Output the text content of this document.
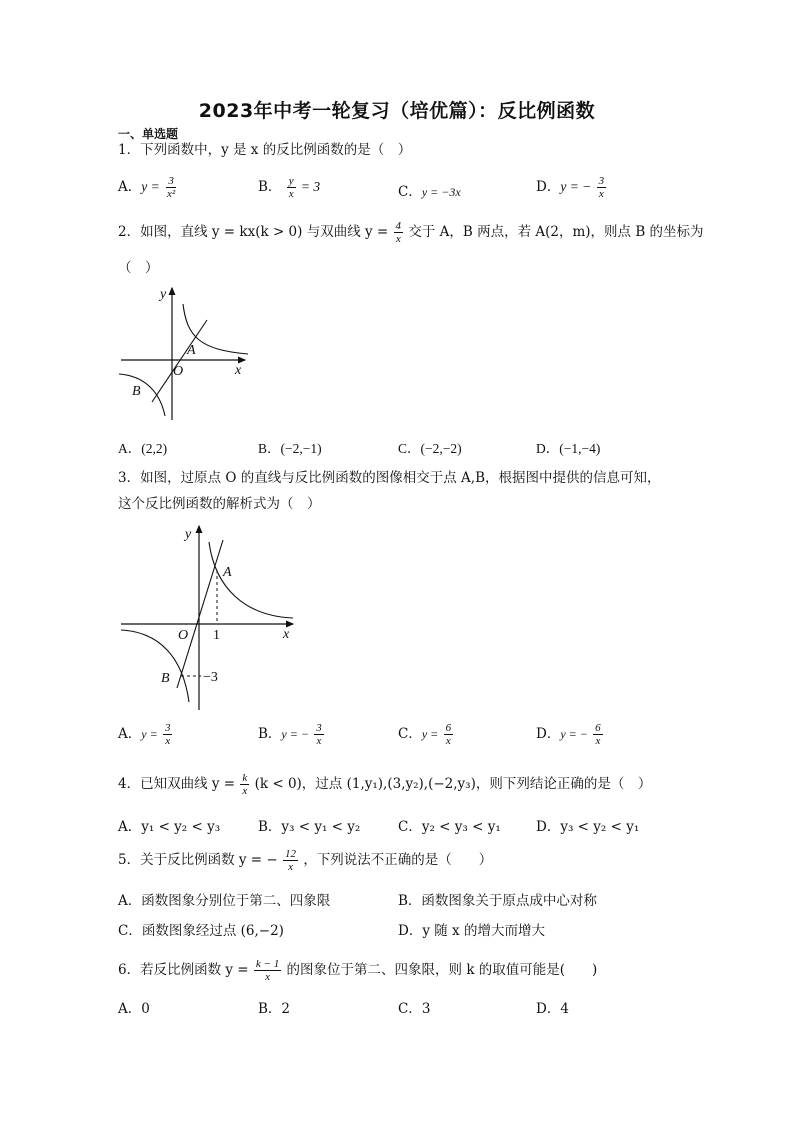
2023年中考一轮复习（培优篇）：反比例函数
一、单选题
1．下列函数中，y 是 x 的反比例函数的是（　）
A．$y = \frac{3}{\text{x²}}$	B． $\frac{y}{x} = 3$	C．y = −3x	D．y = − $\frac{3}{x}$
2．如图，直线 y = kx(k > 0) 与双曲线 $y = \frac{4}{x}$ 交于 A，B 两点，若 A(2，m)，则点 B 的坐标为
（　）
y
x
O
A
B
A．(2,2)	B．(−2,−1)	C．(−2,−2)	D．(−1,−4)
3．如图，过原点 O 的直线与反比例函数的图像相交于点 A,B，根据图中提供的信息可知，
这个反比例函数的解析式为（　）
y
x
O
A
B
1
−3
A．$y = \frac{3}{x}$	B．y = − $\frac{3}{x}$	C．$y = \frac{6}{x}$	D．y = − $\frac{6}{x}$
4．已知双曲线 $y = \frac{k}{x} (k < 0)$，过点 (1,y₁),(3,y₂),(−2,y₃)，则下列结论正确的是（　）
A．y₁ < y₂ < y₃	B．y₃ < y₁ < y₂	C．y₂ < y₃ < y₁	D．y₃ < y₂ < y₁
5．关于反比例函数 y = − $\frac{12}{x}$ ，下列说法不正确的是（　　）
A．函数图象分别位于第二、四象限	B．函数图象关于原点成中心对称
C．函数图象经过点 (6,−2)	D．y 随 x 的增大而增大
6．若反比例函数 $y = \frac{k - 1}{x}$ 的图象位于第二、四象限，则 k 的取值可能是(　　)
A．0	B．2	C．3	D．4
